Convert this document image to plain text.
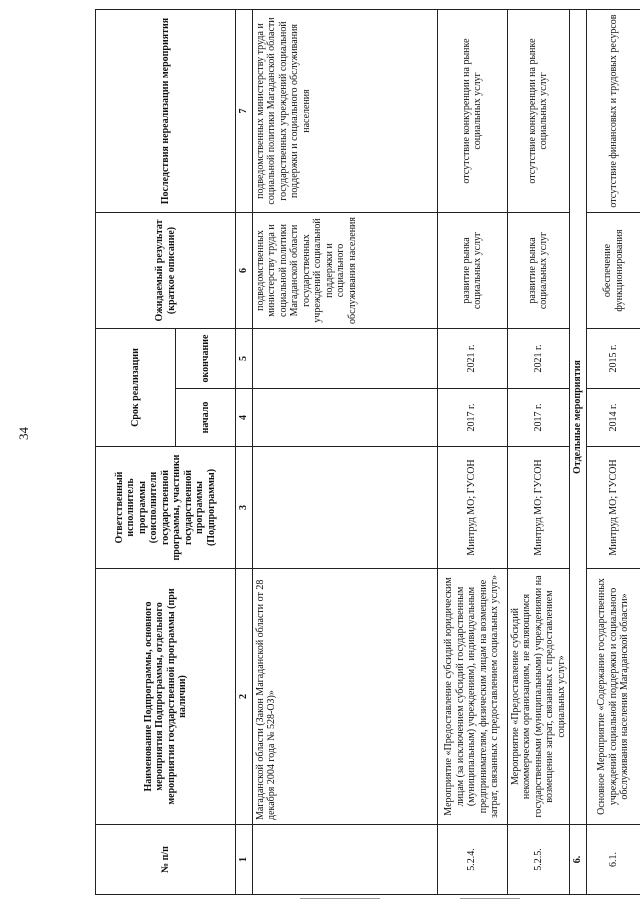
34
№ п/п	Наименование Подпрограммы, основного мероприятия Подпрограммы, отдельного мероприятия государственной программы (при наличии)	Ответственный исполнитель программы (соисполнители государственной программы, участники государственной программы (Подпрограммы)	Срок реализации		Ожидаемый результат (краткое описание)	Последствия нереализации мероприятия
			начало	окончание		
1	2	3	4	5	6	7
	Магаданской области (Закон Магаданской области от 28 декабря 2004 года № 528-ОЗ)»				подведомственных министерству труда и социальной политики Магаданской области государственных учреждений социальной поддержки и социального обслуживания населения	подведомственных министерству труда и социальной политики Магаданской области государственных учреждений социальной поддержки и социального обслуживания населения
5.2.4.	Мероприятие «Предоставление субсидий юридическим лицам (за исключением субсидий государственным (муниципальным) учреждениям), индивидуальным предпринимателям, физическим лицам на возмещение затрат, связанных с предоставлением социальных услуг»	Минтруд МО; ГУСОН	2017 г.	2021 г.	развитие рынка социальных услуг	отсутствие конкуренции на рынке социальных услуг
5.2.5.	Мероприятие «Предоставление субсидий некоммерческим организациям, не являющимся государственными (муниципальными) учреждениями на возмещение затрат, связанных с предоставлением социальных услуг»	Минтруд МО; ГУСОН	2017 г.	2021 г.	развитие рынка социальных услуг	отсутствие конкуренции на рынке социальных услуг
6.	Отдельные мероприятия					
6.1.	Основное Мероприятие «Содержание государственных учреждений социальной поддержки и социального обслуживания населения Магаданской области»	Минтруд МО; ГУСОН	2014 г.	2015 г.	обеспечение функционирования	отсутствие финансовых и трудовых ресурсов
